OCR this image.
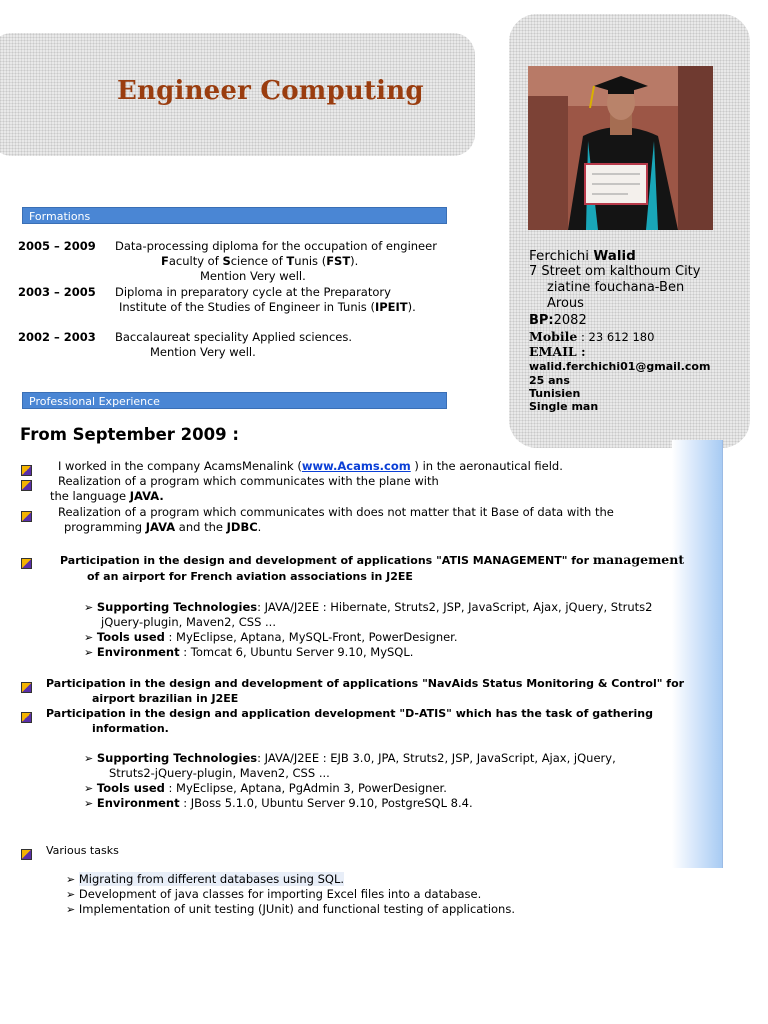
Engineer Computing
Ferchichi Walid
7 Street om kalthoum City
ziatine fouchana-Ben
Arous
BP:2082
Mobile : 23 612 180
EMAIL :
walid.ferchichi01@gmail.com
25 ans
Tunisien
Single man
Formations
2005 – 2009 Data-processing diploma for the occupation of engineer
Faculty of Science of Tunis (FST).
Mention Very well.
2003 – 2005 Diploma in preparatory cycle at the Preparatory
Institute of the Studies of Engineer in Tunis (IPEIT).
2002 – 2003 Baccalaureat speciality Applied sciences.
Mention Very well.
Professional Experience
From September 2009 :
I worked in the company AcamsMenalink (www.Acams.com ) in the aeronautical field.
Realization of a program which communicates with the plane with
the language JAVA.
Realization of a program which communicates with does not matter that it Base of data with the
programming JAVA and the JDBC.
Participation in the design and development of applications "ATIS MANAGEMENT" for management
of an airport for French aviation associations in J2EE
➢ Supporting Technologies: JAVA/J2EE : Hibernate, Struts2, JSP, JavaScript, Ajax, jQuery, Struts2
jQuery-plugin, Maven2, CSS ...
➢ Tools used : MyEclipse, Aptana, MySQL-Front, PowerDesigner.
➢ Environment : Tomcat 6, Ubuntu Server 9.10, MySQL.
Participation in the design and development of applications "NavAids Status Monitoring & Control" for
airport brazilian in J2EE
Participation in the design and application development "D-ATIS" which has the task of gathering
information.
➢ Supporting Technologies: JAVA/J2EE : EJB 3.0, JPA, Struts2, JSP, JavaScript, Ajax, jQuery,
Struts2-jQuery-plugin, Maven2, CSS ...
➢ Tools used : MyEclipse, Aptana, PgAdmin 3, PowerDesigner.
➢ Environment : JBoss 5.1.0, Ubuntu Server 9.10, PostgreSQL 8.4.
Various tasks
➢ Migrating from different databases using SQL.
➢ Development of java classes for importing Excel files into a database.
➢ Implementation of unit testing (JUnit) and functional testing of applications.
